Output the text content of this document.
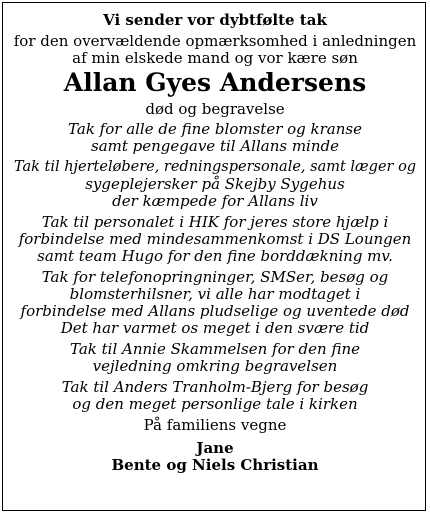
Vi sender vor dybtfølte tak
for den overvældende opmærksomhed i anledningen
af min elskede mand og vor kære søn
Allan Gyes Andersens
død og begravelse
Tak for alle de fine blomster og kranse
samt pengegave til Allans minde
Tak til hjerteløbere, redningspersonale, samt læger og
sygeplejersker på Skejby Sygehus
der kæmpede for Allans liv
Tak til personalet i HIK for jeres store hjælp i
forbindelse med mindesammenkomst i DS Loungen
samt team Hugo for den fine borddækning mv.
Tak for telefonopringninger, SMSer, besøg og
blomsterhilsner, vi alle har modtaget i
forbindelse med Allans pludselige og uventede død
Det har varmet os meget i den svære tid
Tak til Annie Skammelsen for den fine
vejledning omkring begravelsen
Tak til Anders Tranholm-Bjerg for besøg
og den meget personlige tale i kirken
På familiens vegne
Jane
Bente og Niels Christian
